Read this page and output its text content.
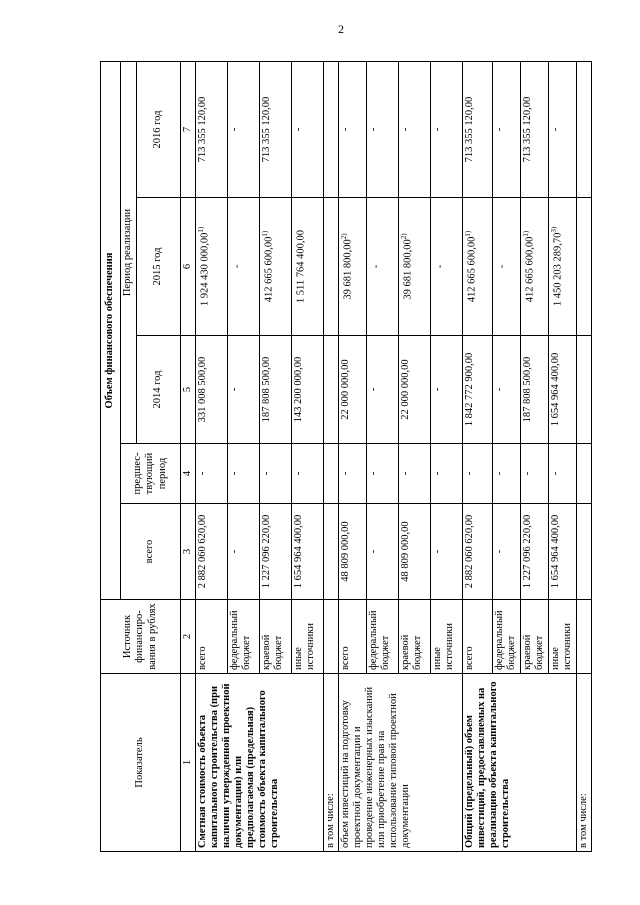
2
Показатель	Источник финансиро-вания в рублях	Объем финансового обеспечения				
		всего	предшес-твующий период	Период реализации		
				2014 год	2015 год	2016 год
1	2	3	4	5	6	7
Сметная стоимость объекта капитального строительства (при наличии утвержденной проектной документации) или предполагаемая (предельная) стоимость объекта капитального строительства	всего	2 882 060 620,00	-	331 008 500,00	1 924 430 000,00$^{1)}$	713 355 120,00
	федеральный бюджет	-	-	-	-	-
	краевой бюджет	1 227 096 220,00	-	187 808 500,00	412 665 600,00$^{1)}$	713 355 120,00
	иные источники	1 654 964 400,00	-	143 200 000,00	1 511 764 400,00	-
в том числе:						
объем инвестиций на подготовку проектной документации и проведение инженерных изысканий или приобретение прав на использование типовой проектной документации	всего	48 809 000,00	-	22 000 000,00	39 681 800,00$^{2)}$	-
	федеральный бюджет	-	-	-	-	-
	краевой бюджет	48 809 000,00	-	22 000 000,00	39 681 800,00$^{2)}$	-
	иные источники	-	-	-	-	-
Общий (предельный) объем инвестиций, предоставляемых на реализацию объекта капитального строительства	всего	2 882 060 620,00	-	1 842 772 900,00	412 665 600,00$^{1)}$	713 355 120,00
	федеральный бюджет	-	-	-	-	-
	краевой бюджет	1 227 096 220,00	-	187 808 500,00	412 665 600,00$^{1)}$	713 355 120,00
	иные источники	1 654 964 400,00	-	1 654 964 400,00	1 450 203 289,70$^{3)}$	-
в том числе:						
